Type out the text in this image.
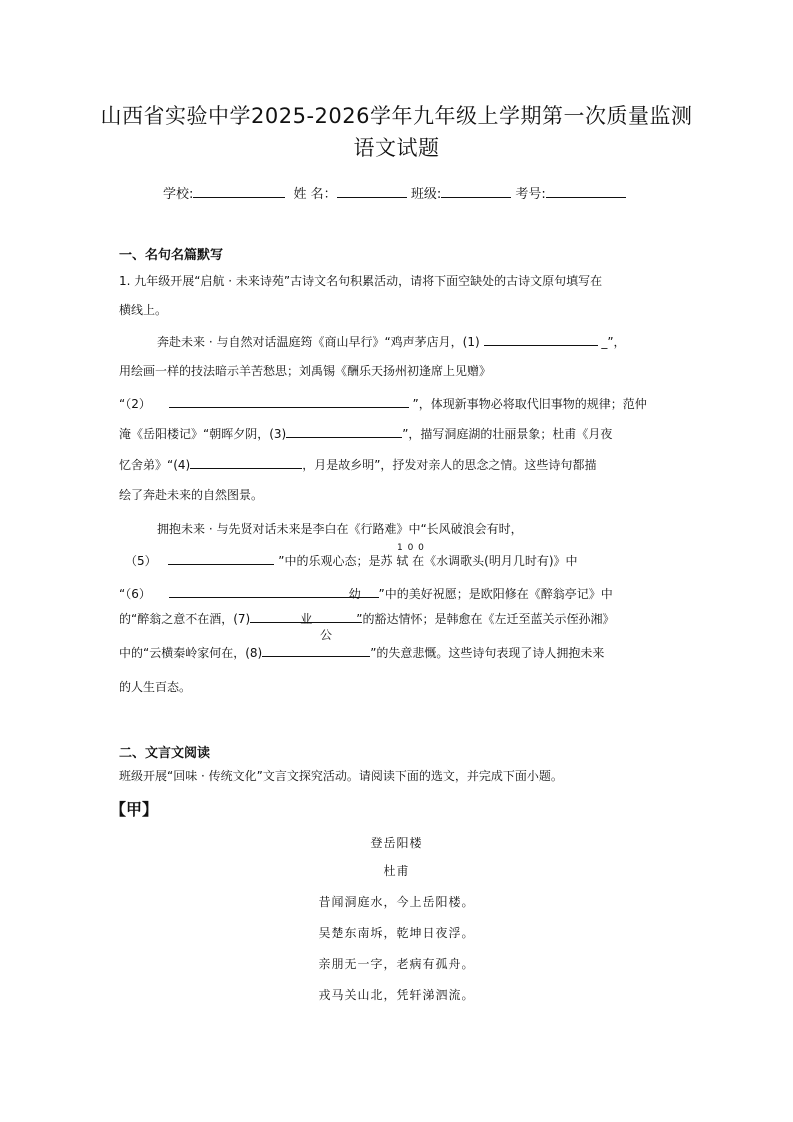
山西省实验中学2025-2026学年九年级上学期第一次质量监测
语文试题
学校:	姓 名：	班级:	考号:
一、名句名篇默写
1. 九年级开展“启航 · 未来诗苑”古诗文名句积累活动，请将下面空缺处的古诗文原句填写在
横线上。
奔赴未来 · 与自然对话温庭筠《商山早行》“鸡声茅店月，(1)	_”，
用绘画一样的技法暗示羊苦愁思；刘禹锡《酬乐天扬州初逢席上见赠》
“（2）	”，体现新事物必将取代旧事物的规律；范仲
淹《岳阳楼记》“朝晖夕阴，(3)	”，描写洞庭湖的壮丽景象；杜甫《月夜
忆舍弟》“(4)	，月是故乡明”，抒发对亲人的思念之情。这些诗句都描
绘了奔赴未来的自然图景。
拥抱未来 · 与先贤对话未来是李白在《行路难》中“长风破浪会有时，
1 0 0
（5）	”中的乐观心态；是苏 轼 在《水调歌头(明月几时有)》中
“（6）	幼 ”中的美好祝愿；是欧阳修在《醉翁亭记》中
的“醉翁之意不在酒，(7)	业	”的豁达情怀；是韩愈在《左迁至蓝关示侄孙湘》
公
中的“云横秦岭家何在，(8)	”的失意悲慨。这些诗句表现了诗人拥抱未来
的人生百态。
二、文言文阅读
班级开展“回味 · 传统文化”文言文探究活动。请阅读下面的选文，并完成下面小题。
【甲】
登岳阳楼
杜甫
昔闻洞庭水，今上岳阳楼。
吴楚东南坼，乾坤日夜浮。
亲朋无一字，老病有孤舟。
戎马关山北，凭轩涕泗流。
